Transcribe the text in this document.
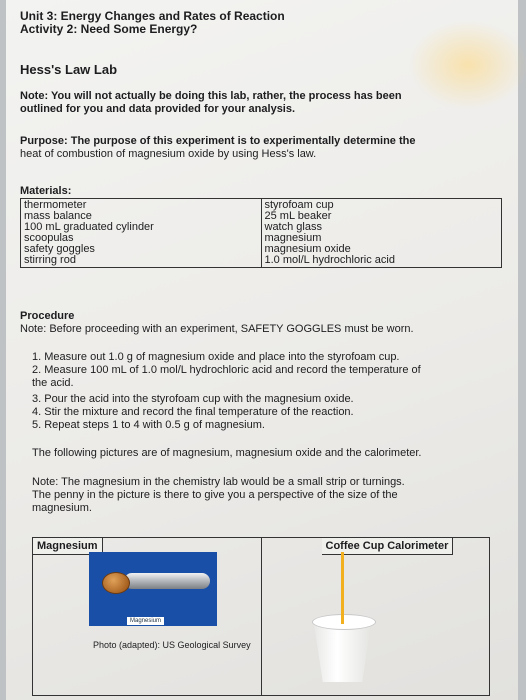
Unit 3: Energy Changes and Rates of Reaction
Activity 2: Need Some Energy?
Hess's Law Lab
Note: You will not actually be doing this lab, rather, the process has been
outlined for you and data provided for your analysis.
Purpose: The purpose of this experiment is to experimentally determine the
heat of combustion of magnesium oxide by using Hess's law.
Materials:
thermometer
mass balance
100 mL graduated cylinder
scoopulas
safety goggles
stirring rod

styrofoam cup
25 mL beaker
watch glass
magnesium
magnesium oxide
1.0 mol/L hydrochloric acid
Procedure
Note: Before proceeding with an experiment, SAFETY GOGGLES must be worn.
1. Measure out 1.0 g of magnesium oxide and place into the styrofoam cup.
2. Measure 100 mL of 1.0 mol/L hydrochloric acid and record the temperature of
the acid.
3. Pour the acid into the styrofoam cup with the magnesium oxide.
4. Stir the mixture and record the final temperature of the reaction.
5. Repeat steps 1 to 4 with 0.5 g of magnesium.
The following pictures are of magnesium, magnesium oxide and the calorimeter.
Note: The magnesium in the chemistry lab would be a small strip or turnings.
The penny in the picture is there to give you a perspective of the size of the
magnesium.
Magnesium
Magnesium
Photo (adapted): US Geological Survey
Coffee Cup Calorimeter
